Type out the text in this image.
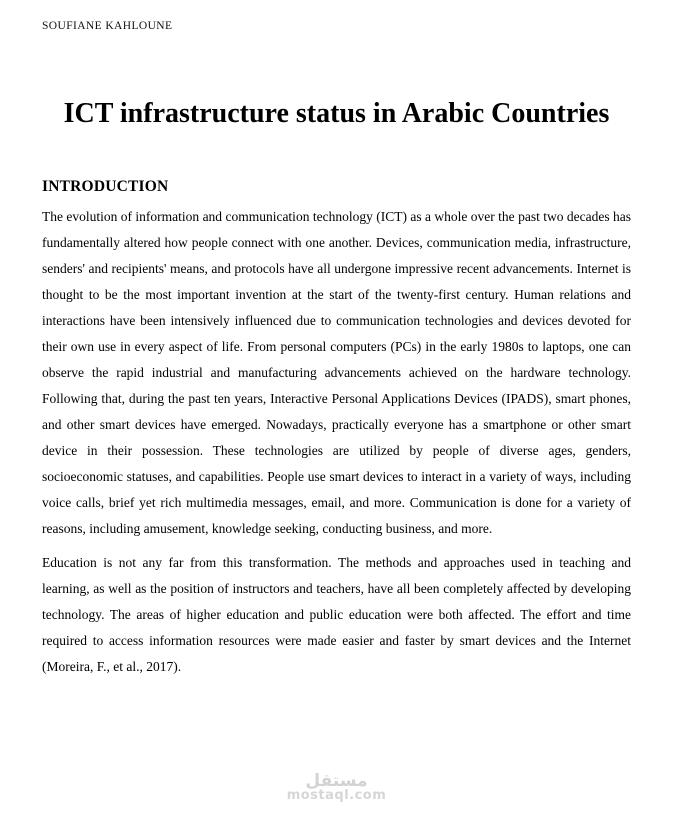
SOUFIANE KAHLOUNE
ICT infrastructure status in Arabic Countries
INTRODUCTION

The evolution of information and communication technology (ICT) as a whole over the past two decades has fundamentally altered how people connect with one another. Devices, communication media, infrastructure, senders' and recipients' means, and protocols have all undergone impressive recent advancements. Internet is thought to be the most important invention at the start of the twenty-first century. Human relations and interactions have been intensively influenced due to communication technologies and devices devoted for their own use in every aspect of life. From personal computers (PCs) in the early 1980s to laptops, one can observe the rapid industrial and manufacturing advancements achieved on the hardware technology. Following that, during the past ten years, Interactive Personal Applications Devices (IPADS), smart phones, and other smart devices have emerged. Nowadays, practically everyone has a smartphone or other smart device in their possession. These technologies are utilized by people of diverse ages, genders, socioeconomic statuses, and capabilities. People use smart devices to interact in a variety of ways, including voice calls, brief yet rich multimedia messages, email, and more. Communication is done for a variety of reasons, including amusement, knowledge seeking, conducting business, and more.

Education is not any far from this transformation. The methods and approaches used in teaching and learning, as well as the position of instructors and teachers, have all been completely affected by developing technology. The areas of higher education and public education were both affected. The effort and time required to access information resources were made easier and faster by smart devices and the Internet (Moreira, F., et al., 2017).

مستقل
mostaql.com
